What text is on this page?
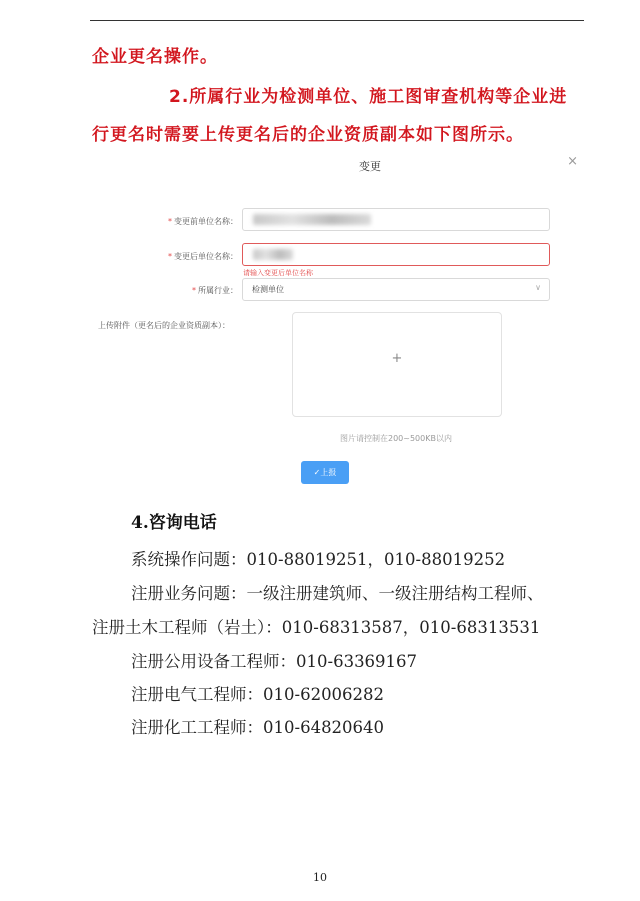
企业更名操作。
2.所属行业为检测单位、施工图审查机构等企业进
行更名时需要上传更名后的企业资质副本如下图所示。
变更	×
* 变更前单位名称：
* 变更后单位名称：
请输入变更后单位名称
* 所属行业： 检测单位	∨
上传附件（更名后的企业资质副本）：
+
图片请控制在200~500KB以内
✓上报
4.咨询电话
系统操作问题：010-88019251，010-88019252
注册业务问题：一级注册建筑师、一级注册结构工程师、
注册土木工程师（岩土）：010-68313587，010-68313531
注册公用设备工程师：010-63369167
注册电气工程师：010-62006282
注册化工工程师：010-64820640
10
